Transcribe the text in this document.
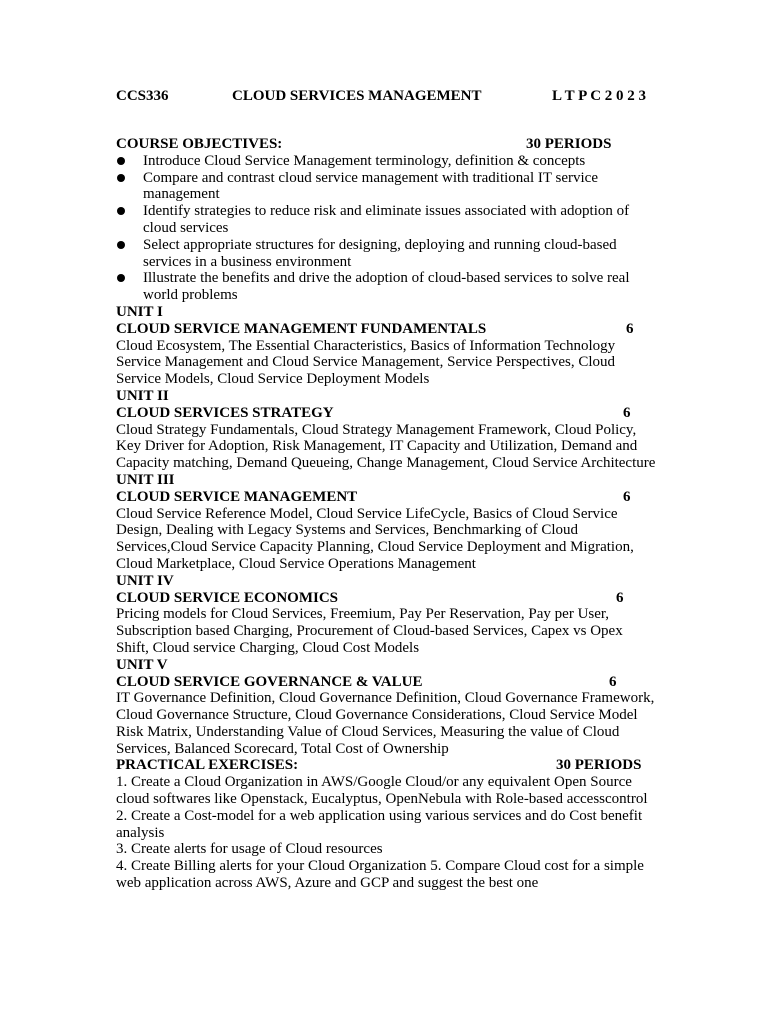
CCS336	CLOUD SERVICES MANAGEMENT	L T P C 2 0 2 3
COURSE OBJECTIVES:	30 PERIODS
Introduce Cloud Service Management terminology, definition & concepts
Compare and contrast cloud service management with traditional IT service management
Identify strategies to reduce risk and eliminate issues associated with adoption of cloud services
Select appropriate structures for designing, deploying and running cloud-based services in a business environment
Illustrate the benefits and drive the adoption of cloud-based services to solve real world problems
UNIT I
CLOUD SERVICE MANAGEMENT FUNDAMENTALS	6

Cloud Ecosystem, The Essential Characteristics, Basics of Information Technology Service Management and Cloud Service Management, Service Perspectives, Cloud Service Models, Cloud Service Deployment Models

UNIT II
CLOUD SERVICES STRATEGY	6

Cloud Strategy Fundamentals, Cloud Strategy Management Framework, Cloud Policy, Key Driver for Adoption, Risk Management, IT Capacity and Utilization, Demand and Capacity matching, Demand Queueing, Change Management, Cloud Service Architecture

UNIT III
CLOUD SERVICE MANAGEMENT	6

Cloud Service Reference Model, Cloud Service LifeCycle, Basics of Cloud Service Design, Dealing with Legacy Systems and Services, Benchmarking of Cloud Services,Cloud Service Capacity Planning, Cloud Service Deployment and Migration, Cloud Marketplace, Cloud Service Operations Management

UNIT IV
CLOUD SERVICE ECONOMICS	6

Pricing models for Cloud Services, Freemium, Pay Per Reservation, Pay per User, Subscription based Charging, Procurement of Cloud-based Services, Capex vs Opex Shift, Cloud service Charging, Cloud Cost Models

UNIT V
CLOUD SERVICE GOVERNANCE & VALUE	6

IT Governance Definition, Cloud Governance Definition, Cloud Governance Framework, Cloud Governance Structure, Cloud Governance Considerations, Cloud Service Model Risk Matrix, Understanding Value of Cloud Services, Measuring the value of Cloud Services, Balanced Scorecard, Total Cost of Ownership

PRACTICAL EXERCISES:	30 PERIODS

1. Create a Cloud Organization in AWS/Google Cloud/or any equivalent Open Source cloud softwares like Openstack, Eucalyptus, OpenNebula with Role-based accesscontrol

2. Create a Cost-model for a web application using various services and do Cost benefit analysis

3. Create alerts for usage of Cloud resources

4. Create Billing alerts for your Cloud Organization 5. Compare Cloud cost for a simple web application across AWS, Azure and GCP and suggest the best one
